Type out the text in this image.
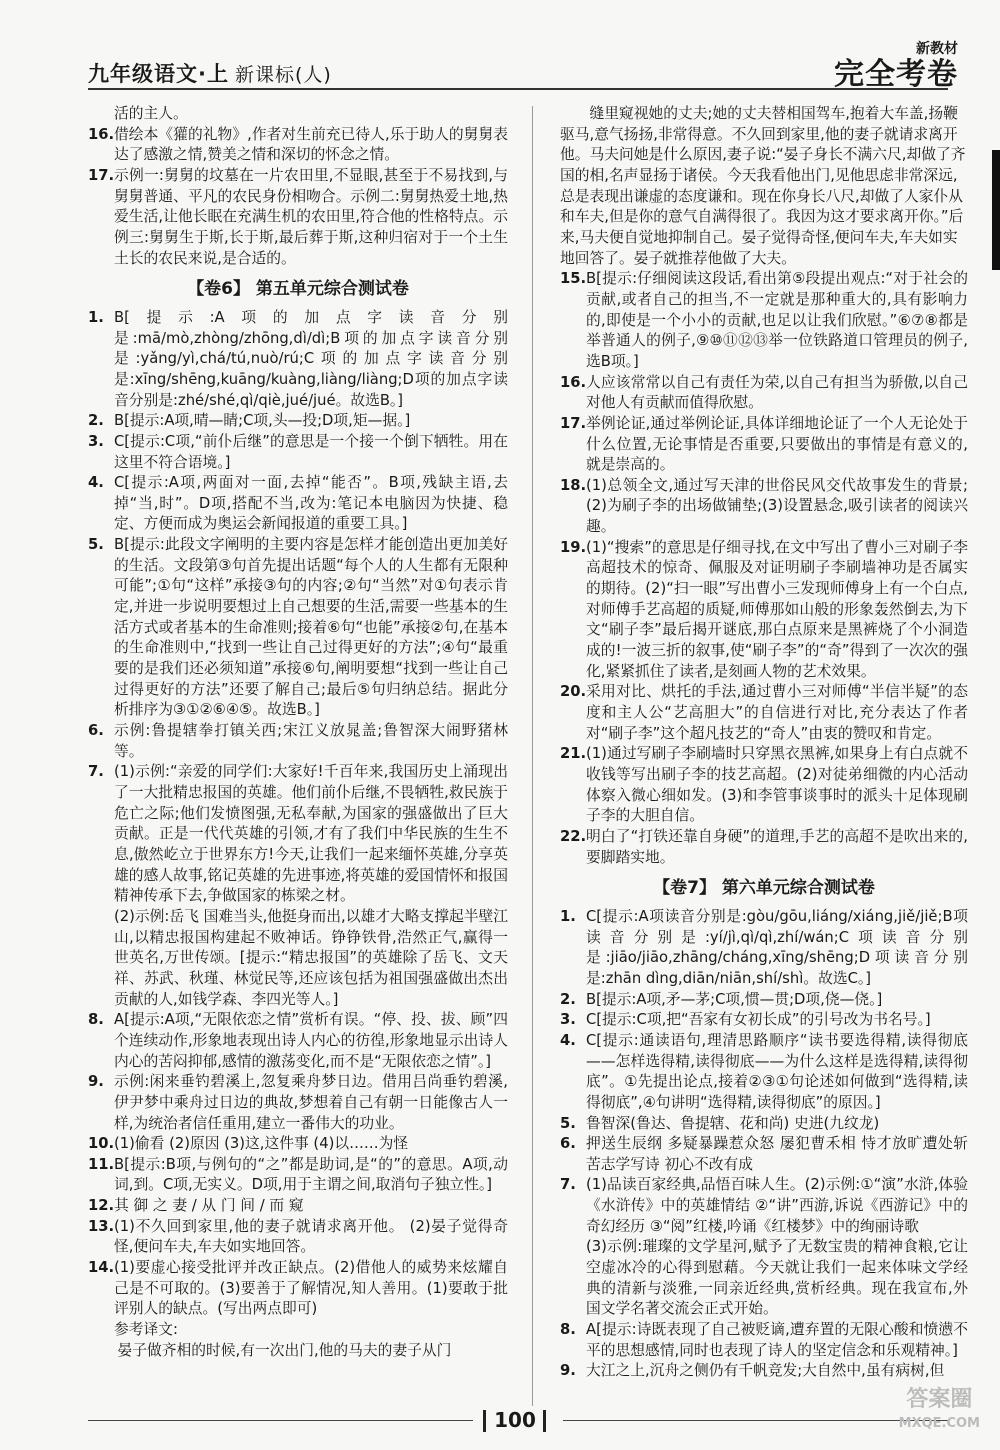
九年级语文·上 新课标(人)
新教材
完全考卷
活的主人。
16. 借绘本《獾的礼物》,作者对生前充已待人,乐于助人的舅舅表达了感激之情,赞美之情和深切的怀念之情。
17. 示例一:舅舅的坟墓在一片农田里,不显眼,甚至于不易找到,与舅舅普通、平凡的农民身份相吻合。示例二:舅舅热爱土地,热爱生活,让他长眠在充满生机的农田里,符合他的性格特点。示例三:舅舅生于斯,长于斯,最后葬于斯,这种归宿对于一个土生土长的农民来说,是合适的。
【卷6】 第五单元综合测试卷
1. B[提示:A项的加点字读音分别是:mā/mò,zhòng/zhōng,dì/dì;B项的加点字读音分别是:yǎng/yì,chá/tú,nuò/rú;C项的加点字读音分别是:xīng/shēng,kuāng/kuàng,liàng/liàng;D项的加点字读音分别是:zhé/shé,qì/qiè,jué/jué。故选B。]
2. B[提示:A项,晴—睛;C项,头—投;D项,矩—据。]
3. C[提示:C项,“前仆后继”的意思是一个接一个倒下牺牲。用在这里不符合语境。]
4. C[提示:A项,两面对一面,去掉“能否”。B项,残缺主语,去掉“当,时”。D项,搭配不当,改为:笔记本电脑因为快捷、稳定、方便而成为奥运会新闻报道的重要工具。]
5. B[提示:此段文字阐明的主要内容是怎样才能创造出更加美好的生活。文段第③句首先提出话题“每个人的人生都有无限种可能”;①句“这样”承接③句的内容;②句“当然”对①句表示肯定,并进一步说明要想过上自己想要的生活,需要一些基本的生活方式或者基本的生命准则;接着⑥句“也能”承接②句,在基本的生命准则中,“找到一些让自己过得更好的方法”;④句“最重要的是我们还必须知道”承接⑥句,阐明要想“找到一些让自己过得更好的方法”还要了解自己;最后⑤句归纳总结。据此分析排序为③①②⑥④⑤。故选B。]
6. 示例:鲁提辖拳打镇关西;宋江义放晁盖;鲁智深大闹野猪林等。
7. (1)示例:“亲爱的同学们:大家好!千百年来,我国历史上涌现出了一大批精忠报国的英雄。他们前仆后继,不畏牺牲,救民族于危亡之际;他们发愤图强,无私奉献,为国家的强盛做出了巨大贡献。正是一代代英雄的引领,才有了我们中华民族的生生不息,傲然屹立于世界东方!今天,让我们一起来缅怀英雄,分享英雄的感人故事,铭记英雄的先进事迹,将英雄的爱国情怀和报国精神传承下去,争做国家的栋梁之材。
(2)示例:岳飞 国难当头,他挺身而出,以雄才大略支撑起半壁江山,以精忠报国构建起不败神话。铮铮铁骨,浩然正气,赢得一世英名,万世传颂。[提示:“精忠报国”的英雄除了岳飞、文天祥、苏武、秋瑾、林觉民等,还应该包括为祖国强盛做出杰出贡献的人,如钱学森、李四光等人。]
8. A[提示:A项,“无限依恋之情”赏析有误。“停、投、拔、顾”四个连续动作,形象地表现出诗人内心的彷徨,形象地显示出诗人内心的苦闷抑郁,感情的激荡变化,而不是“无限依恋之情”。]
9. 示例:闲来垂钓碧溪上,忽复乘舟梦日边。借用吕尚垂钓碧溪,伊尹梦中乘舟过日边的典故,梦想着自己有朝一日能像古人一样,为统治者信任重用,建立一番伟大的功业。
10. (1)偷看 (2)原因 (3)这,这件事 (4)以……为怪
11. B[提示:B项,与例句的“之”都是助词,是“的”的意思。A项,动词,到。C项,无实义。D项,用于主谓之间,取消句子独立性。]
12. 其 御 之 妻 / 从 门 间 / 而 窥
13. (1)不久回到家里,他的妻子就请求离开他。 (2)晏子觉得奇怪,便问车夫,车夫如实地回答。
14. (1)要虚心接受批评并改正缺点。(2)借他人的威势来炫耀自己是不可取的。(3)要善于了解情况,知人善用。(1)要敢于批评别人的缺点。(写出两点即可)
参考译文:
晏子做齐相的时候,有一次出门,他的马夫的妻子从门
缝里窥视她的丈夫;她的丈夫替相国驾车,抱着大车盖,扬鞭驱马,意气扬扬,非常得意。不久回到家里,他的妻子就请求离开他。马夫问她是什么原因,妻子说:“晏子身长不满六尺,却做了齐国的相,名声显扬于诸侯。今天我看他出门,见他思虑非常深远,总是表现出谦虚的态度谦和。现在你身长八尺,却做了人家仆从和车夫,但是你的意气自满得很了。我因为这才要求离开你。”后来,马夫便自觉地抑制自己。晏子觉得奇怪,便问车夫,车夫如实地回答了。晏子就推荐他做了大夫。
15. B[提示:仔细阅读这段话,看出第⑤段提出观点:“对于社会的贡献,或者自己的担当,不一定就是那种重大的,具有影响力的,即使是一个小小的贡献,也足以让我们欣慰。”⑥⑦⑧都是举普通人的例子,⑨⑩⑪⑫⑬举一位铁路道口管理员的例子,选B项。]
16. 人应该常常以自己有责任为荣,以自己有担当为骄傲,以自己对他人有贡献而值得欣慰。
17. 举例论证,通过举例论证,具体详细地论证了一个人无论处于什么位置,无论事情是否重要,只要做出的事情是有意义的,就是崇高的。
18. (1)总领全文,通过写天津的世俗民风交代故事发生的背景;(2)为刷子李的出场做铺垫;(3)设置悬念,吸引读者的阅读兴趣。
19. (1)“搜索”的意思是仔细寻找,在文中写出了曹小三对刷子李高超技术的惊奇、佩服及对证明刷子李刷墙神功是否属实的期待。(2)“扫一眼”写出曹小三发现师傅身上有一个白点,对师傅手艺高超的质疑,师傅那如山般的形象轰然倒去,为下文“刷子李”最后揭开谜底,那白点原来是黑裤烧了个小洞造成的!一波三折的叙事,使“刷子李”的“奇”得到了一次次的强化,紧紧抓住了读者,是刻画人物的艺术效果。
20. 采用对比、烘托的手法,通过曹小三对师傅“半信半疑”的态度和主人公“艺高胆大”的自信进行对比,充分表达了作者对“刷子李”这个超凡技艺的“奇人”由衷的赞叹和肯定。
21. (1)通过写刷子李刷墙时只穿黑衣黑裤,如果身上有白点就不收钱等写出刷子李的技艺高超。(2)对徒弟细微的内心活动体察入微心细如发。(3)和李管事谈事时的派头十足体现刷子李的大胆自信。
22. 明白了“打铁还靠自身硬”的道理,手艺的高超不是吹出来的,要脚踏实地。
【卷7】 第六单元综合测试卷
1. C[提示:A项读音分别是:gòu/gōu,liáng/xiáng,jiě/jiě;B项读音分别是:yí/jì,qì/qì,zhí/wán;C项读音分别是:jiāo/jiāo,zhāng/cháng,xīng/shēng;D项读音分别是:zhān dìng,diān/niān,shí/shì。故选C。]
2. B[提示:A项,矛—茅;C项,惯—贯;D项,侥—侥。]
3. C[提示:C项,把“吾家有女初长成”的引号改为书名号。]
4. C[提示:通读语句,理清思路顺序“读书要选得精,读得彻底——怎样选得精,读得彻底——为什么这样是选得精,读得彻底”。①先提出论点,接着②③①句论述如何做到“选得精,读得彻底”,④句讲明“选得精,读得彻底”的原因。]
5. 鲁智深(鲁达、鲁提辖、花和尚) 史进(九纹龙)
6. 押送生辰纲 多疑暴躁惹众怒 屡犯曹禾相 恃才放旷遭处斩 苦志学写诗 初心不改有成
7. (1)品读百家经典,品悟百味人生。(2)示例:①“演”水浒,体验《水浒传》中的英雄情结 ②“讲”西游,诉说《西游记》中的奇幻经历 ③“阅”红楼,吟诵《红楼梦》中的绚丽诗歌
(3)示例:璀璨的文学星河,赋予了无数宝贵的精神食粮,它让空虚冰冷的心得到慰藉。今天就让我们一起来体味文学经典的清新与淡雅,一同亲近经典,赏析经典。现在我宣布,外国文学名著交流会正式开始。
8. A[提示:诗既表现了自己被贬谪,遭弃置的无限心酸和愤懑不平的思想感情,同时也表现了诗人的坚定信念和乐观精神。]
9. 大江之上,沉舟之侧仍有千帆竞发;大自然中,虽有病树,但
100
答案圈
MXQE.COM
